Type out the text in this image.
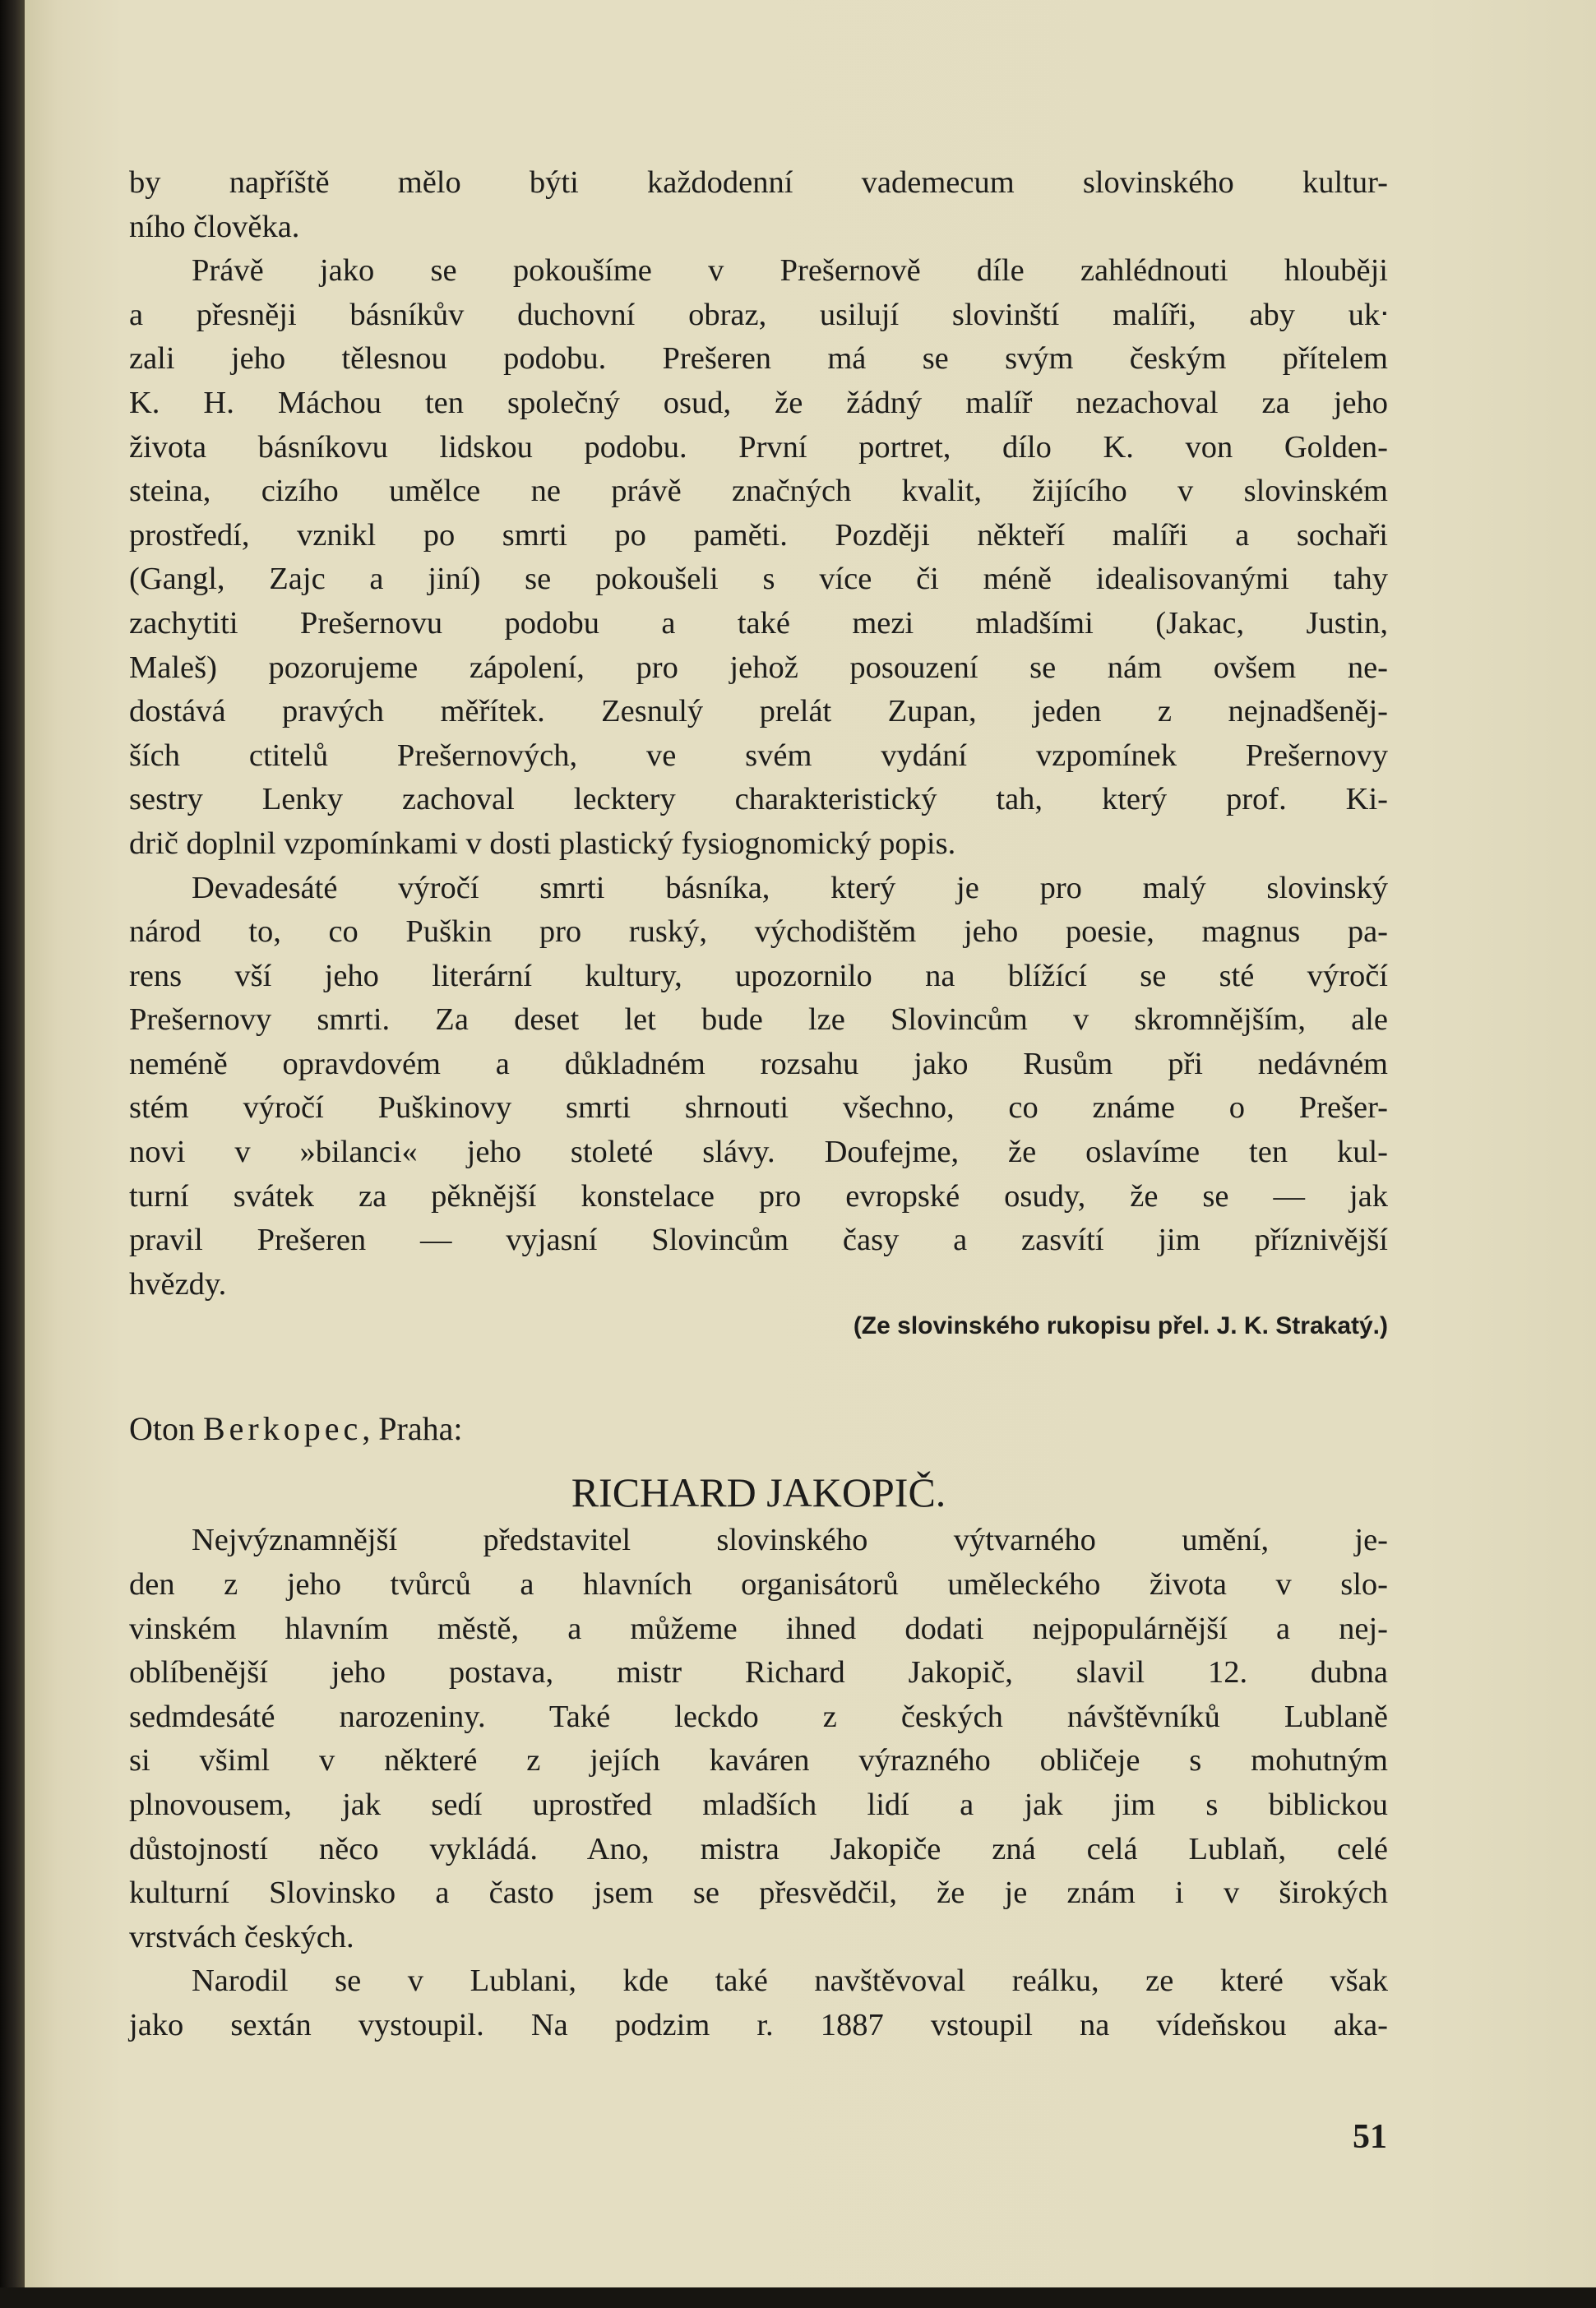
by napříště mělo býti každodenní vademecum slovinského kultur-

ního člověka.

Právě jako se pokoušíme v Prešernově díle zahlédnouti hlouběji

a přesněji básníkův duchovní obraz, usilují slovinští malíři, aby ukᐧ

zali jeho tělesnou podobu. Prešeren má se svým českým přítelem

K. H. Máchou ten společný osud, že žádný malíř nezachoval za jeho

života básníkovu lidskou podobu. První portret, dílo K. von Golden-

steina, cizího umělce ne právě značných kvalit, žijícího v slovinském

prostředí, vznikl po smrti po paměti. Později někteří malíři a sochaři

(Gangl, Zajc a jiní) se pokoušeli s více či méně idealisovanými tahy

zachytiti Prešernovu podobu a také mezi mladšími (Jakac, Justin,

Maleš) pozorujeme zápolení, pro jehož posouzení se nám ovšem ne-

dostává pravých měřítek. Zesnulý prelát Zupan, jeden z nejnadšeněj-

ších ctitelů Prešernových, ve svém vydání vzpomínek Prešernovy

sestry Lenky zachoval lecktery charakteristický tah, který prof. Ki-

drič doplnil vzpomínkami v dosti plastický fysiognomický popis.

Devadesáté výročí smrti básníka, který je pro malý slovinský

národ to, co Puškin pro ruský, východištěm jeho poesie, magnus pa-

rens vší jeho literární kultury, upozornilo na blížící se sté výročí

Prešernovy smrti. Za deset let bude lze Slovincům v skromnějším, ale

neméně opravdovém a důkladném rozsahu jako Rusům při nedávném

stém výročí Puškinovy smrti shrnouti všechno, co známe o Prešer-

novi v »bilanci« jeho stoleté slávy. Doufejme, že oslavíme ten kul-

turní svátek za pěknější konstelace pro evropské osudy, že se — jak

pravil Prešeren — vyjasní Slovincům časy a zasvítí jim příznivější

hvězdy.

(Ze slovinského rukopisu přel. J. K. Strakatý.)
Oton Berkopec, Praha:
RICHARD JAKOPIČ.

Nejvýznamnější představitel slovinského výtvarného umění, je-

den z jeho tvůrců a hlavních organisátorů uměleckého života v slo-

vinském hlavním městě, a můžeme ihned dodati nejpopulárnější a nej-

oblíbenější jeho postava, mistr Richard Jakopič, slavil 12. dubna

sedmdesáté narozeniny. Také leckdo z českých návštěvníků Lublaně

si všiml v některé z jejích kaváren výrazného obličeje s mohutným

plnovousem, jak sedí uprostřed mladších lidí a jak jim s biblickou

důstojností něco vykládá. Ano, mistra Jakopiče zná celá Lublaň, celé

kulturní Slovinsko a často jsem se přesvědčil, že je znám i v širokých

vrstvách českých.

Narodil se v Lublani, kde také navštěvoval reálku, ze které však

jako sextán vystoupil. Na podzim r. 1887 vstoupil na vídeňskou aka-

51
